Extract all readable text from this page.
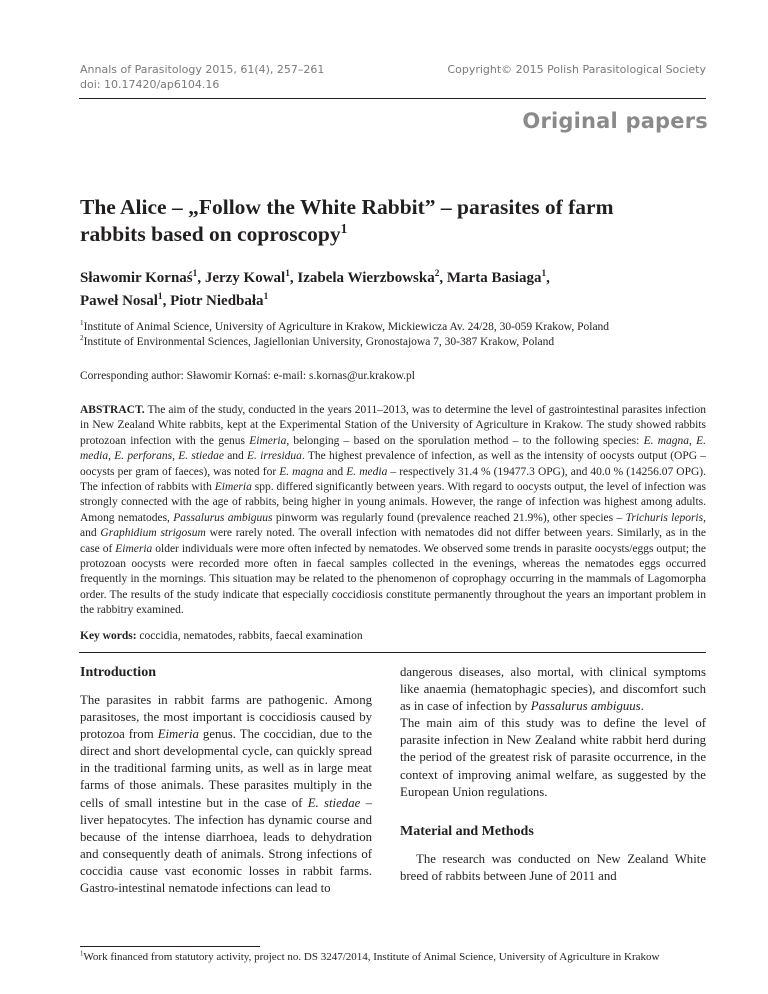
Annals of Parasitology 2015, 61(4), 257–261
doi: 10.17420/ap6104.16
Copyright© 2015 Polish Parasitological Society
Original papers
The Alice – „Follow the White Rabbit” – parasites of farm
rabbits based on coproscopy$^1$
Sławomir Kornaś$^1$, Jerzy Kowal$^1$, Izabela Wierzbowska$^2$, Marta Basiaga$^1$,
Paweł Nosal$^1$, Piotr Niedbała$^1$
$^1$Institute of Animal Science, University of Agriculture in Krakow, Mickiewicza Av. 24/28, 30-059 Krakow, Poland
$^2$Institute of Environmental Sciences, Jagiellonian University, Gronostajowa 7, 30-387 Krakow, Poland
Corresponding author: Sławomir Kornaś: e-mail: s.kornas@ur.krakow.pl
ABSTRACT. The aim of the study, conducted in the years 2011–2013, was to determine the level of gastrointestinal parasites infection in New Zealand White rabbits, kept at the Experimental Station of the University of Agriculture in Krakow. The study showed rabbits protozoan infection with the genus Eimeria, belonging – based on the sporulation method – to the following species: E. magna, E. media, E. perforans, E. stiedae and E. irresidua. The highest prevalence of infection, as well as the intensity of oocysts output (OPG – oocysts per gram of faeces), was noted for E. magna and E. media – respectively 31.4 % (19477.3 OPG), and 40.0 % (14256.07 OPG). The infection of rabbits with Eimeria spp. differed significantly between years. With regard to oocysts output, the level of infection was strongly connected with the age of rabbits, being higher in young animals. However, the range of infection was highest among adults. Among nematodes, Passalurus ambiguus pinworm was regularly found (prevalence reached 21.9%), other species – Trichuris leporis, and Graphidium strigosum were rarely noted. The overall infection with nematodes did not differ between years. Similarly, as in the case of Eimeria older individuals were more often infected by nematodes. We observed some trends in parasite oocysts/eggs output; the protozoan oocysts were recorded more often in faecal samples collected in the evenings, whereas the nematodes eggs occurred frequently in the mornings. This situation may be related to the phenomenon of coprophagy occurring in the mammals of Lagomorpha order. The results of the study indicate that especially coccidiosis constitute permanently throughout the years an important problem in the rabbitry examined.
Key words: coccidia, nematodes, rabbits, faecal examination
Introduction

The parasites in rabbit farms are pathogenic. Among parasitoses, the most important is coccidiosis caused by protozoa from Eimeria genus. The coccidian, due to the direct and short developmental cycle, can quickly spread in the traditional farming units, as well as in large meat farms of those animals. These parasites multiply in the cells of small intestine but in the case of E. stiedae – liver hepatocytes. The infection has dynamic course and because of the intense diarrhoea, leads to dehydration and consequently death of animals. Strong infections of coccidia cause vast economic losses in rabbit farms. Gastro-intestinal nematode infections can lead to

dangerous diseases, also mortal, with clinical symptoms like anaemia (hematophagic species), and discomfort such as in case of infection by Passalurus ambiguus.

The main aim of this study was to define the level of parasite infection in New Zealand white rabbit herd during the period of the greatest risk of parasite occurrence, in the context of improving animal welfare, as suggested by the European Union regulations.

Material and Methods

The research was conducted on New Zealand White breed of rabbits between June of 2011 and

$^1$Work financed from statutory activity, project no. DS 3247/2014, Institute of Animal Science, University of Agriculture in Krakow
